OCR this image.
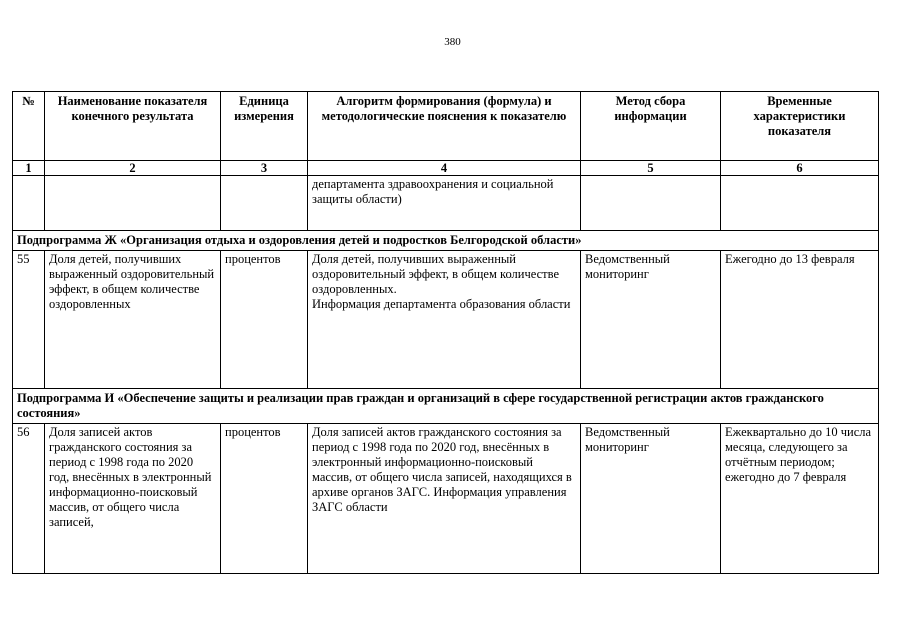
380
№	Наименование показателя конечного результата	Единица измерения	Алгоритм формирования (формула) и методологические пояснения к показателю	Метод сбора информации	Временные характеристики показателя
1	2	3	4	5	6
			департамента здравоохранения и социальной защиты области)		
Подпрограмма Ж «Организация отдыха и оздоровления детей и подростков Белгородской области»					
55	Доля детей, получивших выраженный оздоровительный эффект, в общем количестве оздоровленных	процентов	Доля детей, получивших выраженный оздоровительный эффект, в общем количестве оздоровленных.
Информация департамента образования области	Ведомственный мониторинг	Ежегодно до 13 февраля
Подпрограмма И «Обеспечение защиты и реализации прав граждан и организаций в сфере государственной регистрации актов гражданского состояния»					
56	Доля записей актов гражданского состояния за период с 1998 года по 2020 год, внесённых в электронный информационно-поисковый массив, от общего числа записей,	процентов	Доля записей актов гражданского состояния за период с 1998 года по 2020 год, внесённых в электронный информационно-поисковый массив, от общего числа записей, находящихся в архиве органов ЗАГС. Информация управления ЗАГС области	Ведомственный мониторинг	Ежеквартально до 10 числа месяца, следующего за отчётным периодом; ежегодно до 7 февраля
